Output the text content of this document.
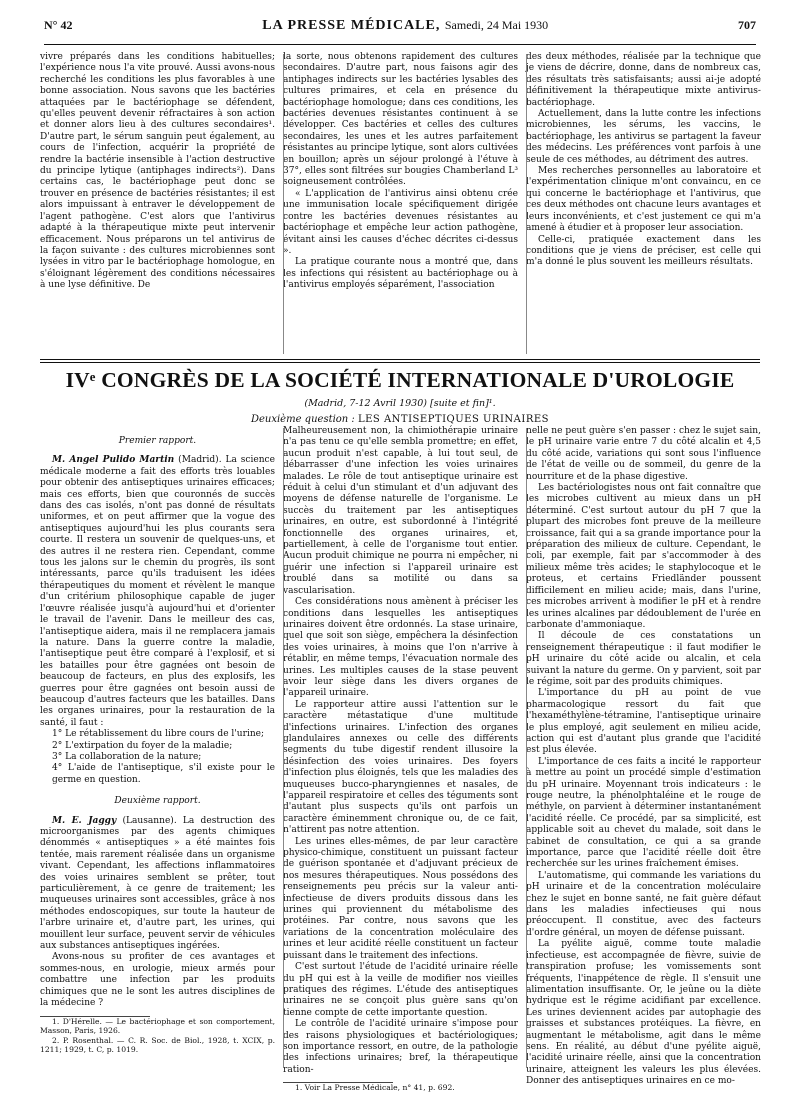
N° 42	LA PRESSE MÉDICALE, Samedi, 24 Mai 1930	707

vivre préparés dans les conditions habituelles; l'expérience nous l'a vite prouvé. Aussi avons-nous recherché les conditions les plus favorables à une bonne association. Nous savons que les bactéries attaquées par le bactériophage se défendent, qu'elles peuvent devenir réfractaires à son action et donner alors lieu à des cultures secondaires¹. D'autre part, le sérum sanguin peut également, au cours de l'infection, acquérir la propriété de rendre la bactérie insensible à l'action destructive du principe lytique (antiphages indirects²). Dans certains cas, le bactériophage peut donc se trouver en présence de bactéries résistantes; il est alors impuissant à entraver le développement de l'agent pathogène. C'est alors que l'antivirus adapté à la thérapeutique mixte peut intervenir efficacement. Nous préparons un tel antivirus de la façon suivante : des cultures microbiennes sont lysées in vitro par le bactériophage homologue, en s'éloignant légèrement des conditions nécessaires à une lyse définitive. De

la sorte, nous obtenons rapidement des cultures secondaires. D'autre part, nous faisons agir des antiphages indirects sur les bactéries lysables des cultures primaires, et cela en présence du bactériophage homologue; dans ces conditions, les bactéries devenues résistantes continuent à se développer. Ces bactéries et celles des cultures secondaires, les unes et les autres parfaitement résistantes au principe lytique, sont alors cultivées en bouillon; après un séjour prolongé à l'étuve à 37°, elles sont filtrées sur bougies Chamberland L³ soigneusement contrôlées.

« L'application de l'antivirus ainsi obtenu crée une immunisation locale spécifiquement dirigée contre les bactéries devenues résistantes au bactériophage et empêche leur action pathogène, évitant ainsi les causes d'échec décrites ci-dessus ».

La pratique courante nous a montré que, dans les infections qui résistent au bactériophage ou à l'antivirus employés séparément, l'association

des deux méthodes, réalisée par la technique que je viens de décrire, donne, dans de nombreux cas, des résultats très satisfaisants; aussi ai-je adopté définitivement la thérapeutique mixte antivirus-bactériophage.

Actuellement, dans la lutte contre les infections microbiennes, les sérums, les vaccins, le bactériophage, les antivirus se partagent la faveur des médecins. Les préférences vont parfois à une seule de ces méthodes, au détriment des autres.

Mes recherches personnelles au laboratoire et l'expérimentation clinique m'ont convaincu, en ce qui concerne le bactériophage et l'antivirus, que ces deux méthodes ont chacune leurs avantages et leurs inconvénients, et c'est justement ce qui m'a amené à étudier et à proposer leur association.

Celle-ci, pratiquée exactement dans les conditions que je viens de préciser, est celle qui m'a donné le plus souvent les meilleurs résultats.

IVᵉ CONGRÈS DE LA SOCIÉTÉ INTERNATIONALE D'UROLOGIE
(Madrid, 7-12 Avril 1930) [suite et fin]¹.
Deuxième question : LES ANTISEPTIQUES URINAIRES

Premier rapport.

M. Angel Pulido Martin (Madrid). La science médicale moderne a fait des efforts très louables pour obtenir des antiseptiques urinaires efficaces; mais ces efforts, bien que couronnés de succès dans des cas isolés, n'ont pas donné de résultats uniformes, et on peut affirmer que la vogue des antiseptiques aujourd'hui les plus courants sera courte. Il restera un souvenir de quelques-uns, et des autres il ne restera rien. Cependant, comme tous les jalons sur le chemin du progrès, ils sont intéressants, parce qu'ils traduisent les idées thérapeutiques du moment et révèlent le manque d'un critérium philosophique capable de juger l'œuvre réalisée jusqu'à aujourd'hui et d'orienter le travail de l'avenir. Dans le meilleur des cas, l'antiseptique aidera, mais il ne remplacera jamais la nature. Dans la guerre contre la maladie, l'antiseptique peut être comparé à l'explosif, et si les batailles pour être gagnées ont besoin de beaucoup de facteurs, en plus des explosifs, les guerres pour être gagnées ont besoin aussi de beaucoup d'autres facteurs que les batailles. Dans les organes urinaires, pour la restauration de la santé, il faut :

1° Le rétablissement du libre cours de l'urine;

2° L'extirpation du foyer de la maladie;

3° La collaboration de la nature;

4° L'aide de l'antiseptique, s'il existe pour le germe en question.

Deuxième rapport.

M. E. Jaggy (Lausanne). La destruction des microorganismes par des agents chimiques dénommés « antiseptiques » a été maintes fois tentée, mais rarement réalisée dans un organisme vivant. Cependant, les affections inflammatoires des voies urinaires semblent se prêter, tout particulièrement, à ce genre de traitement; les muqueuses urinaires sont accessibles, grâce à nos méthodes endoscopiques, sur toute la hauteur de l'arbre urinaire et, d'autre part, les urines, qui mouillent leur surface, peuvent servir de véhicules aux substances antiseptiques ingérées.

Avons-nous su profiter de ces avantages et sommes-nous, en urologie, mieux armés pour combattre une infection par les produits chimiques que ne le sont les autres disciplines de la médecine ?

1. D'Hérelle. — Le bactériophage et son comportement, Masson, Paris, 1926.

2. P. Rosenthal. — C. R. Soc. de Biol., 1928, t. XCIX, p. 1211; 1929, t. C, p. 1019.

Malheureusement non, la chimiothérapie urinaire n'a pas tenu ce qu'elle sembla promettre; en effet, aucun produit n'est capable, à lui tout seul, de débarrasser d'une infection les voies urinaires malades. Le rôle de tout antiseptique urinaire est réduit à celui d'un stimulant et d'un adjuvant des moyens de défense naturelle de l'organisme. Le succès du traitement par les antiseptiques urinaires, en outre, est subordonné à l'intégrité fonctionnelle des organes urinaires, et, partiellement, à celle de l'organisme tout entier. Aucun produit chimique ne pourra ni empêcher, ni guérir une infection si l'appareil urinaire est troublé dans sa motilité ou dans sa vascularisation.

Ces considérations nous amènent à préciser les conditions dans lesquelles les antiseptiques urinaires doivent être ordonnés. La stase urinaire, quel que soit son siège, empêchera la désinfection des voies urinaires, à moins que l'on n'arrive à rétablir, en même temps, l'évacuation normale des urines. Les multiples causes de la stase peuvent avoir leur siège dans les divers organes de l'appareil urinaire.

Le rapporteur attire aussi l'attention sur le caractère métastatique d'une multitude d'infections urinaires. L'infection des organes glandulaires annexes ou celle des différents segments du tube digestif rendent illusoire la désinfection des voies urinaires. Des foyers d'infection plus éloignés, tels que les maladies des muqueuses bucco-pharyngiennes et nasales, de l'appareil respiratoire et celles des téguments sont d'autant plus suspects qu'ils ont parfois un caractère éminemment chronique ou, de ce fait, n'attirent pas notre attention.

Les urines elles-mêmes, de par leur caractère physico-chimique, constituent un puissant facteur de guérison spontanée et d'adjuvant précieux de nos mesures thérapeutiques. Nous possédons des renseignements peu précis sur la valeur anti-infectieuse de divers produits dissous dans les urines qui proviennent du métabolisme des protéines. Par contre, nous savons que les variations de la concentration moléculaire des urines et leur acidité réelle constituent un facteur puissant dans le traitement des infections.

C'est surtout l'étude de l'acidité urinaire réelle du pH qui est à la veille de modifier nos vieilles pratiques des régimes. L'étude des antiseptiques urinaires ne se conçoit plus guère sans qu'on tienne compte de cette importante question.

Le contrôle de l'acidité urinaire s'impose pour des raisons physiologiques et bactériologiques; son importance ressort, en outre, de la pathologie des infections urinaires; bref, la thérapeutique ration-

1. Voir La Presse Médicale, n° 41, p. 692.

nelle ne peut guère s'en passer : chez le sujet sain, le pH urinaire varie entre 7 du côté alcalin et 4,5 du côté acide, variations qui sont sous l'influence de l'état de veille ou de sommeil, du genre de la nourriture et de la phase digestive.

Les bactériologistes nous ont fait connaître que les microbes cultivent au mieux dans un pH déterminé. C'est surtout autour du pH 7 que la plupart des microbes font preuve de la meilleure croissance, fait qui a sa grande importance pour la préparation des milieux de culture. Cependant, le coli, par exemple, fait par s'accommoder à des milieux même très acides; le staphylocoque et le proteus, et certains Friedländer poussent difficilement en milieu acide; mais, dans l'urine, ces microbes arrivent à modifier le pH et à rendre les urines alcalines par dédoublement de l'urée en carbonate d'ammoniaque.

Il découle de ces constatations un renseignement thérapeutique : il faut modifier le pH urinaire du côté acide ou alcalin, et cela suivant la nature du germe. On y parvient, soit par le régime, soit par des produits chimiques.

L'importance du pH au point de vue pharmacologique ressort du fait que l'hexaméthylène-tétramine, l'antiseptique urinaire le plus employé, agit seulement en milieu acide, action qui est d'autant plus grande que l'acidité est plus élevée.

L'importance de ces faits a incité le rapporteur à mettre au point un procédé simple d'estimation du pH urinaire. Moyennant trois indicateurs : le rouge neutre, la phénolphtaléine et le rouge de méthyle, on parvient à déterminer instantanément l'acidité réelle. Ce procédé, par sa simplicité, est applicable soit au chevet du malade, soit dans le cabinet de consultation, ce qui a sa grande importance, parce que l'acidité réelle doit être recherchée sur les urines fraîchement émises.

L'automatisme, qui commande les variations du pH urinaire et de la concentration moléculaire chez le sujet en bonne santé, ne fait guère défaut dans les maladies infectieuses qui nous préoccupent. Il constitue, avec des facteurs d'ordre général, un moyen de défense puissant.

La pyélite aiguë, comme toute maladie infectieuse, est accompagnée de fièvre, suivie de transpiration profuse; les vomissements sont fréquents, l'inappétence de règle. Il s'ensuit une alimentation insuffisante. Or, le jeûne ou la diète hydrique est le régime acidifiant par excellence. Les urines deviennent acides par autophagie des graisses et substances protéiques. La fièvre, en augmentant le métabolisme, agit dans le même sens. En réalité, au début d'une pyélite aiguë, l'acidité urinaire réelle, ainsi que la concentration urinaire, atteignent les valeurs les plus élevées. Donner des antiseptiques urinaires en ce mo-
